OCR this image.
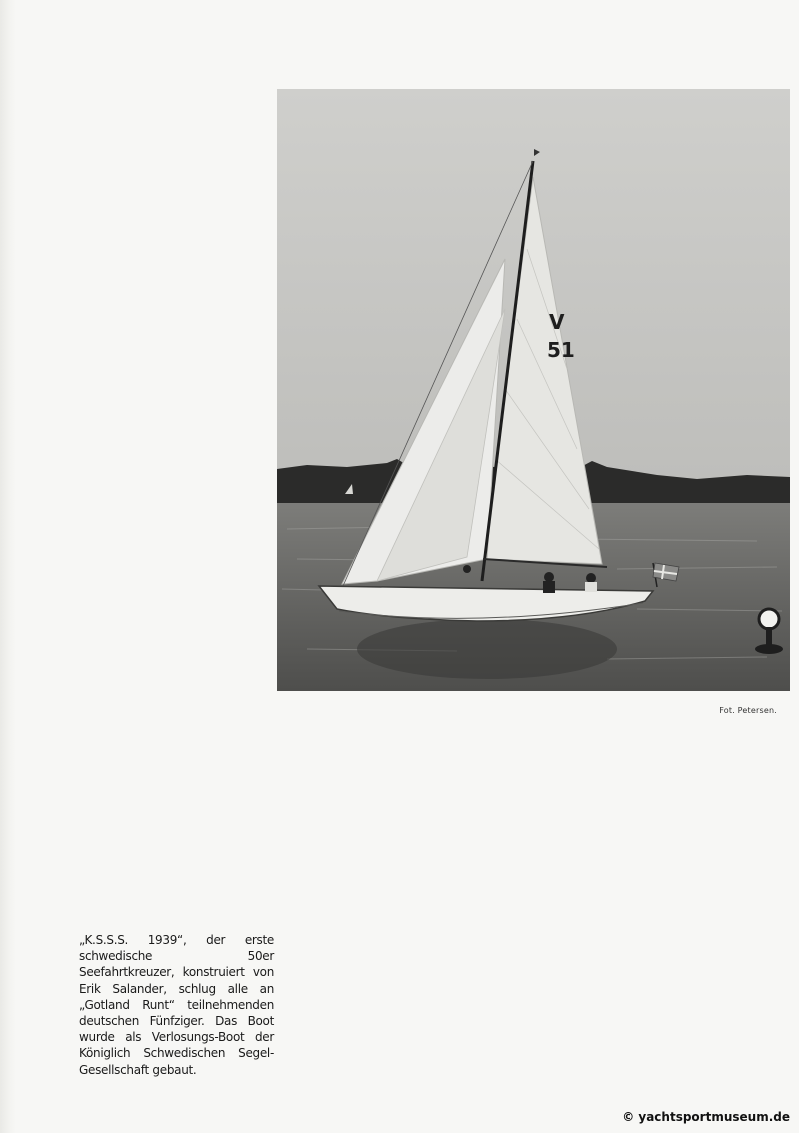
V
51
Fot. Petersen.
„K.S.S.S. 1939“, der erste schwedische 50er Seefahrtkreuzer, konstruiert von Erik Salander, schlug alle an „Gotland Runt“ teilnehmenden deutschen Fünfziger. Das Boot wurde als Verlosungs-Boot der Königlich Schwedischen Segel-Gesellschaft gebaut.
© yachtsportmuseum.de
